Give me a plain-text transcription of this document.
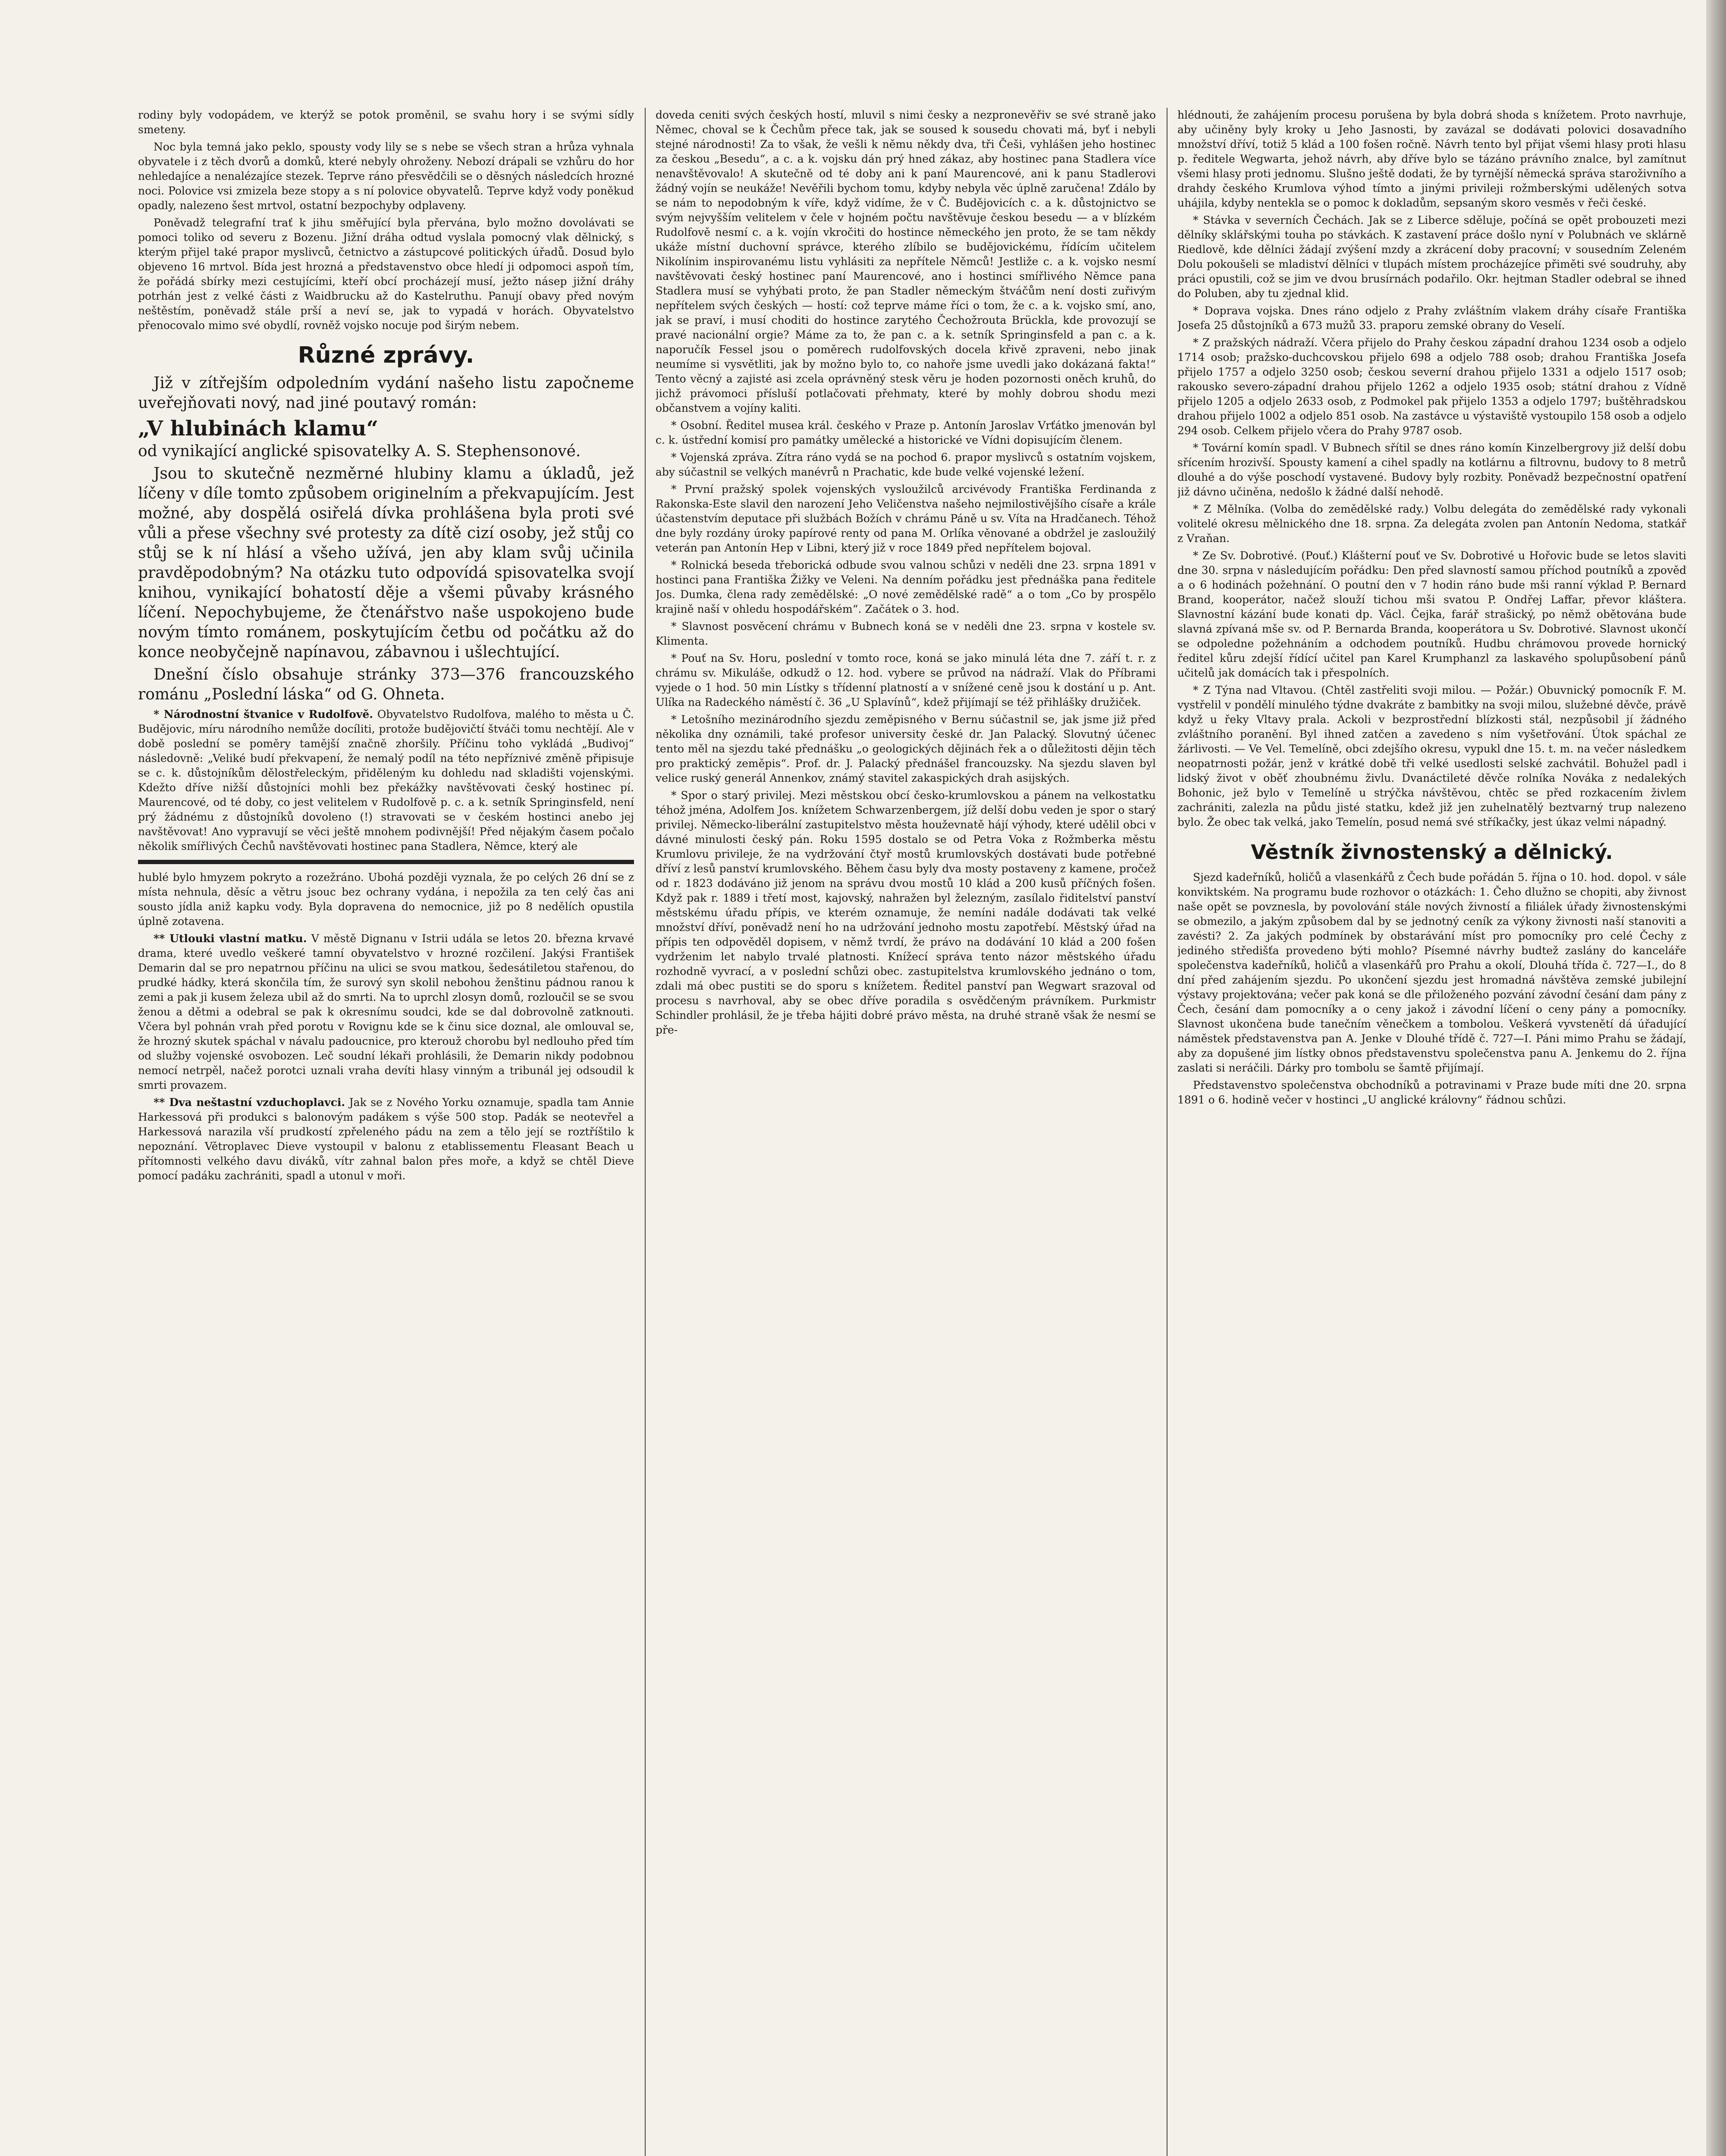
rodiny byly vodopádem, ve kterýž se potok proměnil, se svahu hory i se svými sídly smeteny.

Noc byla temná jako peklo, spousty vody lily se s nebe se všech stran a hrůza vyhnala obyvatele i z těch dvorů a domků, které nebyly ohroženy. Nebozí drápali se vzhůru do hor nehledajíce a nenalézajíce stezek. Teprve ráno přesvědčili se o děsných následcích hrozné noci. Polovice vsi zmizela beze stopy a s ní polovice obyvatelů. Teprve když vody poněkud opadly, nalezeno šest mrtvol, ostatní bezpochyby odplaveny.

Poněvadž telegrafní trať k jihu směřující byla přervána, bylo možno dovolávati se pomoci toliko od severu z Bozenu. Jižní dráha odtud vyslala pomocný vlak dělnický, s kterým přijel také prapor myslivců, četnictvo a zástupcové politických úřadů. Dosud bylo objeveno 16 mrtvol. Bída jest hrozná a představenstvo obce hledí ji odpomoci aspoň tím, že pořádá sbírky mezi cestujícími, kteří obcí procházejí musí, ježto násep jižní dráhy potrhán jest z velké části z Waidbrucku až do Kastelruthu. Panují obavy před novým neštěstím, poněvadž stále prší a neví se, jak to vypadá v horách. Obyvatelstvo přenocovalo mimo své obydlí, rovněž vojsko nocuje pod širým nebem.

Různé zprávy.

Již v zítřejším odpoledním vydání našeho listu započneme uveřejňovati nový, nad jiné poutavý román:

„V hlubinách klamu“

od vynikající anglické spisovatelky A. S. Stephensonové.

Jsou to skutečně nezměrné hlubiny klamu a úkladů, jež líčeny v díle tomto způsobem originelním a překvapujícím. Jest možné, aby dospělá osiřelá dívka prohlášena byla proti své vůli a přese všechny své protesty za dítě cizí osoby, jež stůj co stůj se k ní hlásí a všeho užívá, jen aby klam svůj učinila pravděpodobným? Na otázku tuto odpovídá spisovatelka svojí knihou, vynikající bohatostí děje a všemi půvaby krásného líčení. Nepochybujeme, že čtenářstvo naše uspokojeno bude novým tímto románem, poskytujícím četbu od počátku až do konce neobyčejně napínavou, zábavnou i ušlechtující.

Dnešní číslo obsahuje stránky 373—376 francouzského románu „Poslední láska“ od G. Ohneta.

* Národnostní štvanice v Rudolfově. Obyvatelstvo Rudolfova, malého to města u Č. Budějovic, míru národního nemůže docíliti, protože budějovičtí štváči tomu nechtějí. Ale v době poslední se poměry tamější značně zhoršily. Příčinu toho vykládá „Budivoj“ následovně: „Veliké budí překvapení, že nemalý podíl na této nepříznivé změně připisuje se c. k. důstojníkům dělostřeleckým, přiděleným ku dohledu nad skladišti vojenskými. Kdežto dříve nižší důstojníci mohli bez překážky navštěvovati český hostinec pí. Maurencové, od té doby, co jest velitelem v Rudolfově p. c. a k. setník Springinsfeld, není prý žádnému z důstojníků dovoleno (!) stravovati se v českém hostinci anebo jej navštěvovat! Ano vypravují se věci ještě mnohem podivnější! Před nějakým časem počalo několik smířlivých Čechů navštěvovati hostinec pana Stadlera, Němce, který ale

hublé bylo hmyzem pokryto a rozežráno. Ubohá později vyznala, že po celých 26 dní se z místa nehnula, děsíc a větru jsouc bez ochrany vydána, i nepožila za ten celý čas ani sousto jídla aniž kapku vody. Byla dopravena do nemocnice, již po 8 nedělích opustila úplně zotavena.

** Utlouki vlastní matku. V městě Dignanu v Istrii udála se letos 20. března krvavé drama, které uvedlo veškeré tamní obyvatelstvo v hrozné rozčilení. Jakýsi František Demarin dal se pro nepatrnou příčinu na ulici se svou matkou, šedesátiletou stařenou, do prudké hádky, která skončila tím, že surový syn skolil nebohou ženštinu pádnou ranou k zemi a pak ji kusem železa ubil až do smrti. Na to uprchl zlosyn domů, rozloučil se se svou ženou a dětmi a odebral se pak k okresnímu soudci, kde se dal dobrovolně zatknouti. Včera byl pohnán vrah před porotu v Rovignu kde se k činu sice doznal, ale omlouval se, že hrozný skutek spáchal v návalu padoucnice, pro kterouž chorobu byl nedlouho před tím od služby vojenské osvobozen. Leč soudní lékaři prohlásili, že Demarin nikdy podobnou nemocí netrpěl, načež porotci uznali vraha devíti hlasy vinným a tribunál jej odsoudil k smrti provazem.

** Dva neštastní vzduchoplavci. Jak se z Nového Yorku oznamuje, spadla tam Annie Harkessová při produkci s balonovým padákem s výše 500 stop. Padák se neotevřel a Harkessová narazila vší prudkostí zpřeleného pádu na zem a tělo její se roztříštilo k nepoznání. Větroplavec Dieve vystoupil v balonu z etablissementu Fleasant Beach u přítomnosti velkého davu diváků, vítr zahnal balon přes moře, a když se chtěl Dieve pomocí padáku zachrániti, spadl a utonul v moři.

doveda ceniti svých českých hostí, mluvil s nimi česky a nezpronevěřiv se své straně jako Němec, choval se k Čechům přece tak, jak se soused k sousedu chovati má, byť i nebyli stejné národnosti! Za to však, že vešli k němu někdy dva, tři Češi, vyhlášen jeho hostinec za českou „Besedu“, a c. a k. vojsku dán prý hned zákaz, aby hostinec pana Stadlera více nenavštěvovalo! A skutečně od té doby ani k paní Maurencové, ani k panu Stadlerovi žádný vojín se neukáže! Nevěřili bychom tomu, kdyby nebyla věc úplně zaručena! Zdálo by se nám to nepodobným k víře, když vidíme, že v Č. Budějovicích c. a k. důstojnictvo se svým nejvyšším velitelem v čele v hojném počtu navštěvuje českou besedu — a v blízkém Rudolfově nesmí c. a k. vojín vkročiti do hostince německého jen proto, že se tam někdy ukáže místní duchovní správce, kterého zlíbilo se budějovickému, řídícím učitelem Nikolínim inspirovanému listu vyhlásiti za nepřítele Němců! Jestliže c. a k. vojsko nesmí navštěvovati český hostinec paní Maurencové, ano i hostinci smířlivého Němce pana Stadlera musí se vyhýbati proto, že pan Stadler německým štváčům není dosti zuřivým nepřítelem svých českých — hostí: což teprve máme říci o tom, že c. a k. vojsko smí, ano, jak se praví, i musí choditi do hostince zarytého Čechožrouta Brückla, kde provozují se pravé nacionální orgie? Máme za to, že pan c. a k. setník Springinsfeld a pan c. a k. naporučík Fessel jsou o poměrech rudolfovských docela křivě zpraveni, nebo jinak neumíme si vysvětliti, jak by možno bylo to, co nahoře jsme uvedli jako dokázaná fakta!“ Tento věcný a zajisté asi zcela oprávněný stesk věru je hoden pozornosti oněch kruhů, do jichž právomoci přísluší potlačovati přehmaty, které by mohly dobrou shodu mezi občanstvem a vojíny kaliti.

* Osobní. Ředitel musea král. českého v Praze p. Antonín Jaroslav Vrťátko jmenován byl c. k. ústřední komisí pro památky umělecké a historické ve Vídni dopisujícím členem.

* Vojenská zpráva. Zítra ráno vydá se na pochod 6. prapor myslivců s ostatním vojskem, aby súčastnil se velkých manévrů n Prachatic, kde bude velké vojenské ležení.

* První pražský spolek vojenských vysloužilců arcivévody Františka Ferdinanda z Rakonska-Este slavil den narození Jeho Veličenstva našeho nejmilostivějšího císaře a krále účastenstvím deputace při službách Božích v chrámu Páně u sv. Víta na Hradčanech. Téhož dne byly rozdány úroky papírové renty od pana M. Orlíka věnované a obdržel je zasloužilý veterán pan Antonín Hep v Libni, který již v roce 1849 před nepřítelem bojoval.

* Rolnická beseda třeborická odbude svou valnou schůzi v neděli dne 23. srpna 1891 v hostinci pana Františka Žižky ve Veleni. Na denním pořádku jest přednáška pana ředitele Jos. Dumka, člena rady zemědělské: „O nové zemědělské radě“ a o tom „Co by prospělo krajině naší v ohledu hospodářském“. Začátek o 3. hod.

* Slavnost posvěcení chrámu v Bubnech koná se v neděli dne 23. srpna v kostele sv. Klimenta.

* Pouť na Sv. Horu, poslední v tomto roce, koná se jako minulá léta dne 7. září t. r. z chrámu sv. Mikuláše, odkudž o 12. hod. vybere se průvod na nádraží. Vlak do Příbrami vyjede o 1 hod. 50 min Lístky s třídenní platností a v snížené ceně jsou k dostání u p. Ant. Ulíka na Radeckého náměstí č. 36 „U Splavínů“, kdež přijímají se též přihlášky družiček.

* Letošního mezinárodního sjezdu zeměpisného v Bernu súčastnil se, jak jsme již před několika dny oznámili, také profesor university české dr. Jan Palacký. Slovutný účenec tento měl na sjezdu také přednášku „o geologických dějinách řek a o důležitosti dějin těch pro praktický zeměpis“. Prof. dr. J. Palacký přednášel francouzsky. Na sjezdu slaven byl velice ruský generál Annenkov, známý stavitel zakaspických drah asijských.

* Spor o starý privilej. Mezi městskou obcí česko-krumlovskou a pánem na velkostatku téhož jména, Adolfem Jos. knížetem Schwarzenbergem, jíž delší dobu veden je spor o starý privilej. Německo-liberální zastupitelstvo města houževnatě hájí výhody, které udělil obci v dávné minulosti český pán. Roku 1595 dostalo se od Petra Voka z Rožmberka městu Krumlovu privileje, že na vydržování čtyř mostů krumlovských dostávati bude potřebné dříví z lesů panství krumlovského. Během času byly dva mosty postaveny z kamene, pročež od r. 1823 dodáváno již jenom na správu dvou mostů 10 klád a 200 kusů příčných fošen. Když pak r. 1889 i třetí most, kajovský, nahražen byl železným, zasílalo řiditelství panství městskému úřadu přípis, ve kterém oznamuje, že nemíni nadále dodávati tak velké množství dříví, poněvadž není ho na udržování jednoho mostu zapotřebí. Městský úřad na přípis ten odpověděl dopisem, v němž tvrdí, že právo na dodávání 10 klád a 200 fošen vydrženim let nabylo trvalé platnosti. Knížecí správa tento názor městského úřadu rozhodně vyvrací, a v poslední schůzi obec. zastupitelstva krumlovského jednáno o tom, zdali má obec pustiti se do sporu s knížetem. Ředitel panství pan Wegwart srazoval od procesu s navrhoval, aby se obec dříve poradila s osvědčeným právníkem. Purkmistr Schindler prohlásil, že je třeba hájiti dobré právo města, na druhé straně však že nesmí se pře-

hlédnouti, že zahájením procesu porušena by byla dobrá shoda s knížetem. Proto navrhuje, aby učiněny byly kroky u Jeho Jasnosti, by zavázal se dodávati polovici dosavadního množství dříví, totiž 5 klád a 100 fošen ročně. Návrh tento byl přijat všemi hlasy proti hlasu p. ředitele Wegwarta, jehož návrh, aby dříve bylo se tázáno právního znalce, byl zamítnut všemi hlasy proti jednomu. Slušno ještě dodati, že by tyrnější německá správa staroživního a drahdy českého Krumlova výhod tímto a jinými privileji rožmberskými udělených sotva uhájila, kdyby nentekla se o pomoc k dokladům, sepsaným skoro vesměs v řeči české.

* Stávka v severních Čechách. Jak se z Liberce sděluje, počíná se opět probouzeti mezi dělníky sklářskými touha po stávkách. K zastavení práce došlo nyní v Polubnách ve sklárně Riedlově, kde dělníci žádají zvýšení mzdy a zkrácení doby pracovní; v sousedním Zeleném Dolu pokoušeli se mladiství dělníci v tlupách místem procházejíce přiměti své soudruhy, aby práci opustili, což se jim ve dvou brusírnách podařilo. Okr. hejtman Stadler odebral se ihned do Poluben, aby tu zjednal klid.

* Doprava vojska. Dnes ráno odjelo z Prahy zvláštním vlakem dráhy císaře Františka Josefa 25 důstojníků a 673 mužů 33. praporu zemské obrany do Veselí.

* Z pražských nádraží. Včera přijelo do Prahy českou západní drahou 1234 osob a odjelo 1714 osob; pražsko-duchcovskou přijelo 698 a odjelo 788 osob; drahou Františka Josefa přijelo 1757 a odjelo 3250 osob; českou severní drahou přijelo 1331 a odjelo 1517 osob; rakousko severo-západní drahou přijelo 1262 a odjelo 1935 osob; státní drahou z Vídně přijelo 1205 a odjelo 2633 osob, z Podmokel pak přijelo 1353 a odjelo 1797; buštěhradskou drahou přijelo 1002 a odjelo 851 osob. Na zastávce u výstaviště vystoupilo 158 osob a odjelo 294 osob. Celkem přijelo včera do Prahy 9787 osob.

* Tovární komín spadl. V Bubnech sřítil se dnes ráno komín Kinzelbergrovy již delší dobu sřícením hrozivší. Spousty kamení a cihel spadly na kotlárnu a filtrovnu, budovy to 8 metrů dlouhé a do výše poschodí vystavené. Budovy byly rozbity. Poněvadž bezpečnostní opatření již dávno učiněna, nedošlo k žádné další nehodě.

* Z Mělníka. (Volba do zemědělské rady.) Volbu delegáta do zemědělské rady vykonali volitelé okresu mělnického dne 18. srpna. Za delegáta zvolen pan Antonín Nedoma, statkář z Vraňan.

* Ze Sv. Dobrotivé. (Pouť.) Klášterní pouť ve Sv. Dobrotivé u Hořovic bude se letos slaviti dne 30. srpna v následujícím pořádku: Den před slavností samou příchod poutníků a zpověď a o 6 hodinách požehnání. O poutní den v 7 hodin ráno bude mši ranní výklad P. Bernard Brand, kooperátor, načež slouží tichou mši svatou P. Ondřej Laffar, převor kláštera. Slavnostní kázání bude konati dp. Václ. Čejka, farář strašický, po němž obětována bude slavná zpívaná mše sv. od P. Bernarda Branda, kooperátora u Sv. Dobrotivé. Slavnost ukončí se odpoledne požehnáním a odchodem poutníků. Hudbu chrámovou provede hornický ředitel kůru zdejší řídící učitel pan Karel Krumphanzl za laskavého spolupůsobení pánů učitelů jak domácích tak i přespolních.

* Z Týna nad Vltavou. (Chtěl zastřeliti svoji milou. — Požár.) Obuvnický pomocník F. M. vystřelil v pondělí minulého týdne dvakráte z bambitky na svoji milou, služebné děvče, právě když u řeky Vltavy prala. Ackoli v bezprostřední blízkosti stál, nezpůsobil jí žádného zvláštního poranění. Byl ihned zatčen a zavedeno s ním vyšetřování. Útok spáchal ze žárlivosti. — Ve Vel. Temelíně, obci zdejšího okresu, vypukl dne 15. t. m. na večer následkem neopatrnosti požár, jenž v krátké době tři velké usedlosti selské zachvátil. Bohužel padl i lidský život v oběť zhoubnému živlu. Dvanáctileté děvče rolníka Nováka z nedalekých Bohonic, jež bylo v Temelíně u strýčka návštěvou, chtěc se před rozkacením živlem zachrániti, zalezla na půdu jisté statku, kdež již jen zuhelnatělý beztvarný trup nalezeno bylo. Že obec tak velká, jako Temelín, posud nemá své stříkačky, jest úkaz velmi nápadný.

Věstník živnostenský a dělnický.

Sjezd kadeřníků, holičů a vlasenkářů z Čech bude pořádán 5. října o 10. hod. dopol. v sále konviktském. Na programu bude rozhovor o otázkách: 1. Čeho dlužno se chopiti, aby živnost naše opět se povznesla, by povolování stále nových živností a filiálek úřady živnostenskými se obmezilo, a jakým způsobem dal by se jednotný ceník za výkony živnosti naší stanoviti a zavésti? 2. Za jakých podmínek by obstarávání míst pro pomocníky pro celé Čechy z jediného středišťa provedeno býti mohlo? Písemné návrhy budtež zaslány do kanceláře společenstva kadeřníků, holičů a vlasenkářů pro Prahu a okolí, Dlouhá třída č. 727—I., do 8 dní před zahájením sjezdu. Po ukončení sjezdu jest hromadná návštěva zemské jubilejní výstavy projektována; večer pak koná se dle přiloženého pozvání závodní česání dam pány z Čech, česání dam pomocníky a o ceny jakož i závodní líčení o ceny pány a pomocníky. Slavnost ukončena bude tanečním věnečkem a tombolou. Veškerá vyvstenětí dá úřadující náměstek představenstva pan A. Jenke v Dlouhé třídě č. 727—I. Páni mimo Prahu se žádají, aby za dopušené jim lístky obnos představenstvu společenstva panu A. Jenkemu do 2. října zaslati si neráčili. Dárky pro tombolu se šamtě přijímají.

Představenstvo společenstva obchodníků a potravinami v Praze bude míti dne 20. srpna 1891 o 6. hodině večer v hostinci „U anglické královny“ řádnou schůzi.
